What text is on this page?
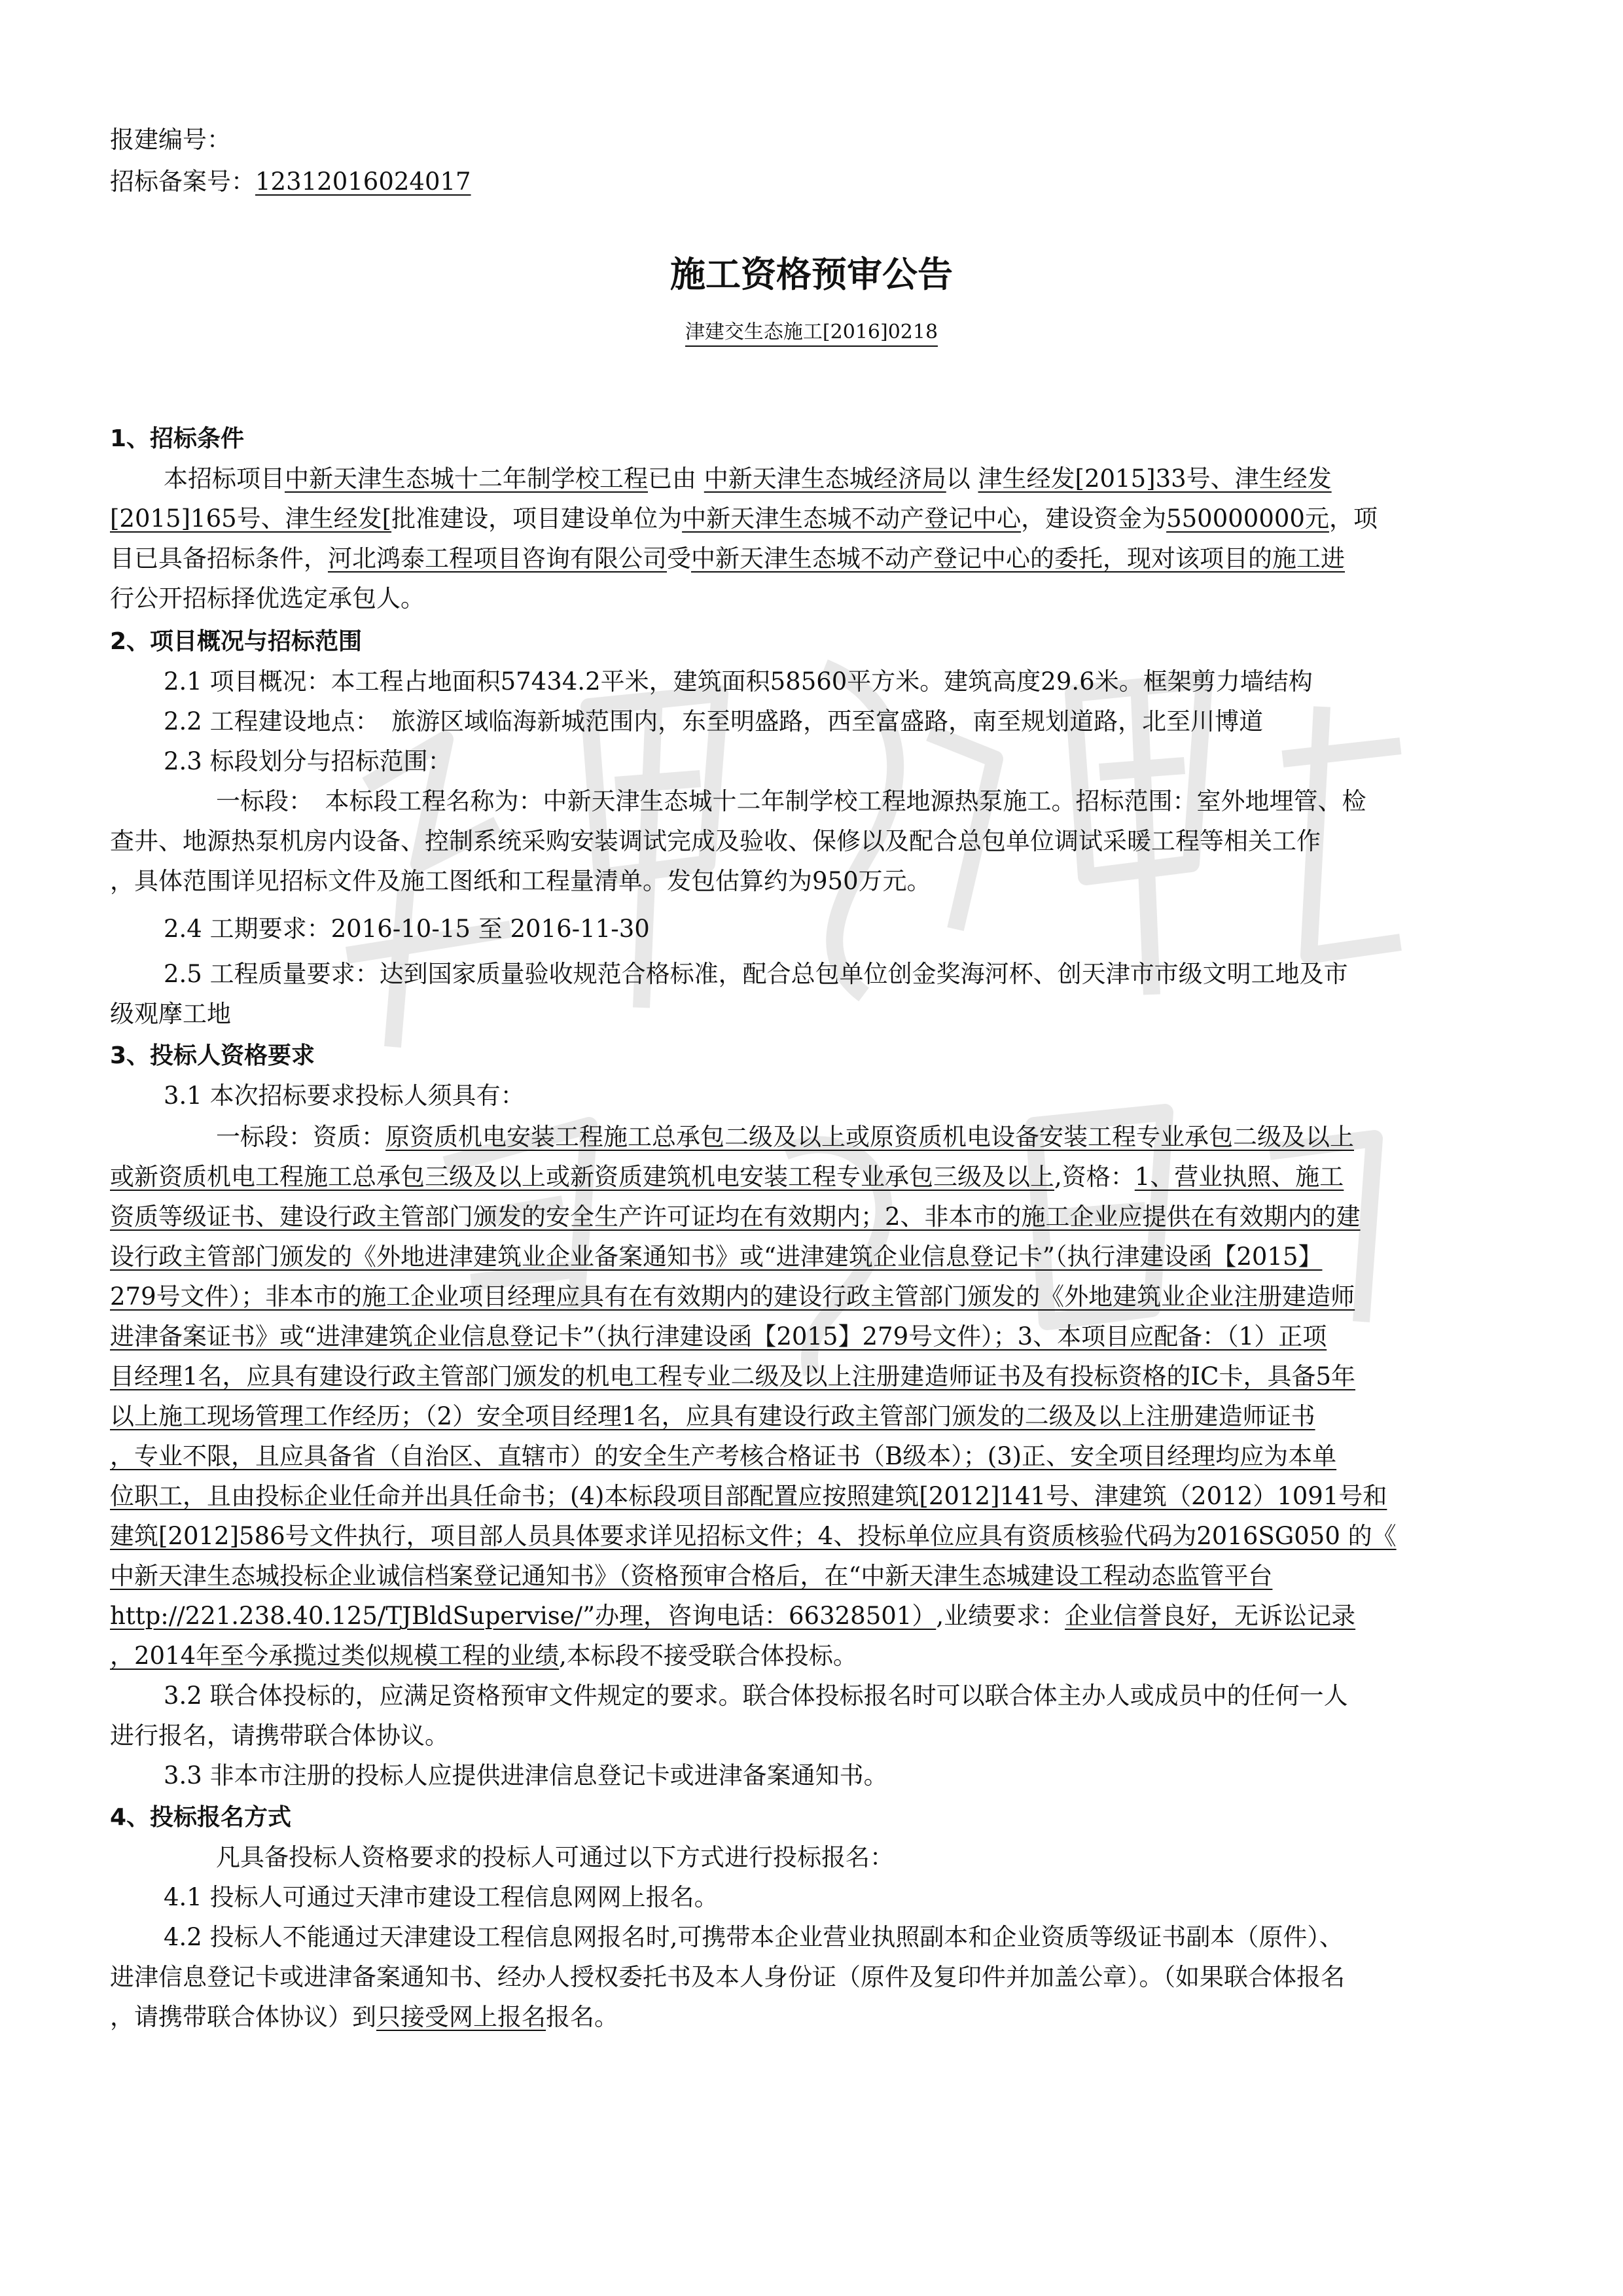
报建编号：
招标备案号：12312016024017
施工资格预审公告
津建交生态施工[2016]0218
1、招标条件
本招标项目中新天津生态城十二年制学校工程已由 中新天津生态城经济局以 津生经发[2015]33号、津生经发
[2015]165号、津生经发[批准建设，项目建设单位为中新天津生态城不动产登记中心，建设资金为550000000元，项
目已具备招标条件，河北鸿泰工程项目咨询有限公司受中新天津生态城不动产登记中心的委托，现对该项目的施工进
行公开招标择优选定承包人。
2、项目概况与招标范围
2.1 项目概况：本工程占地面积57434.2平米，建筑面积58560平方米。建筑高度29.6米。框架剪力墙结构
2.2 工程建设地点：　旅游区域临海新城范围内，东至明盛路，西至富盛路，南至规划道路，北至川博道
2.3 标段划分与招标范围：
一标段：　本标段工程名称为：中新天津生态城十二年制学校工程地源热泵施工。招标范围：室外地埋管、检
查井、地源热泵机房内设备、控制系统采购安装调试完成及验收、保修以及配合总包单位调试采暖工程等相关工作
，具体范围详见招标文件及施工图纸和工程量清单。发包估算约为950万元。
2.4 工期要求：2016-10-15 至 2016-11-30
2.5 工程质量要求：达到国家质量验收规范合格标准，配合总包单位创金奖海河杯、创天津市市级文明工地及市
级观摩工地
3、投标人资格要求
3.1 本次招标要求投标人须具有：
一标段：资质：原资质机电安装工程施工总承包二级及以上或原资质机电设备安装工程专业承包二级及以上
或新资质机电工程施工总承包三级及以上或新资质建筑机电安装工程专业承包三级及以上,资格：1、营业执照、施工
资质等级证书、建设行政主管部门颁发的安全生产许可证均在有效期内；2、非本市的施工企业应提供在有效期内的建
设行政主管部门颁发的《外地进津建筑业企业备案通知书》或“进津建筑企业信息登记卡”（执行津建设函【2015】
279号文件）；非本市的施工企业项目经理应具有在有效期内的建设行政主管部门颁发的《外地建筑业企业注册建造师
进津备案证书》或“进津建筑企业信息登记卡”（执行津建设函【2015】279号文件）；3、本项目应配备：（1）正项
目经理1名，应具有建设行政主管部门颁发的机电工程专业二级及以上注册建造师证书及有投标资格的IC卡，具备5年
以上施工现场管理工作经历；（2）安全项目经理1名，应具有建设行政主管部门颁发的二级及以上注册建造师证书
，专业不限，且应具备省（自治区、直辖市）的安全生产考核合格证书（B级本）；(3)正、安全项目经理均应为本单
位职工，且由投标企业任命并出具任命书；(4)本标段项目部配置应按照建筑[2012]141号、津建筑（2012）1091号和
建筑[2012]586号文件执行，项目部人员具体要求详见招标文件；4、投标单位应具有资质核验代码为2016SG050 的《
中新天津生态城投标企业诚信档案登记通知书》（资格预审合格后，在“中新天津生态城建设工程动态监管平台
http://221.238.40.125/TJBldSupervise/”办理，咨询电话：66328501）,业绩要求：企业信誉良好，无诉讼记录
，2014年至今承揽过类似规模工程的业绩,本标段不接受联合体投标。
3.2 联合体投标的，应满足资格预审文件规定的要求。联合体投标报名时可以联合体主办人或成员中的任何一人
进行报名，请携带联合体协议。
3.3 非本市注册的投标人应提供进津信息登记卡或进津备案通知书。
4、投标报名方式
凡具备投标人资格要求的投标人可通过以下方式进行投标报名：
4.1 投标人可通过天津市建设工程信息网网上报名。
4.2 投标人不能通过天津建设工程信息网报名时,可携带本企业营业执照副本和企业资质等级证书副本（原件）、
进津信息登记卡或进津备案通知书、经办人授权委托书及本人身份证（原件及复印件并加盖公章）。（如果联合体报名
，请携带联合体协议）到只接受网上报名报名。
